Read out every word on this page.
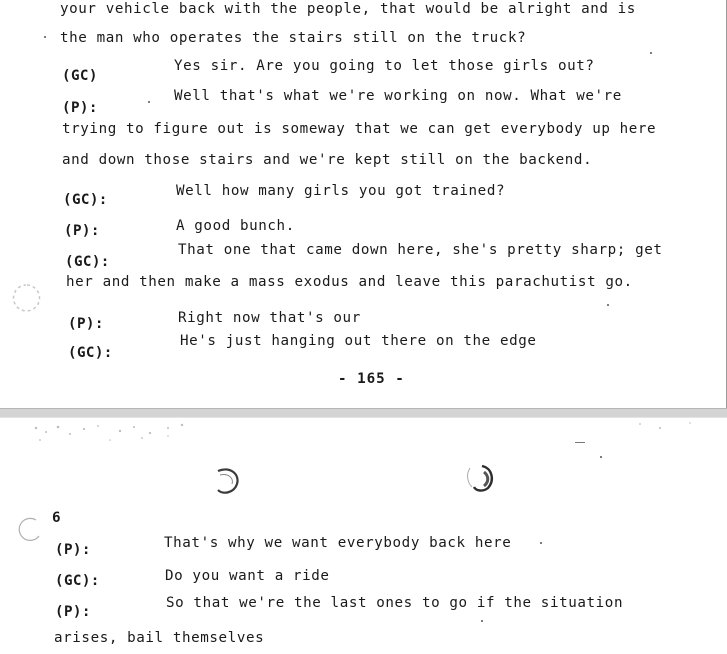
your vehicle back with the people, that would be alright and is
the man who operates the stairs still on the truck?
(GC)
Yes sir. Are you going to let those girls out?
(P):
Well that's what we're working on now. What we're
trying to figure out is someway that we can get everybody up here
and down those stairs and we're kept still on the backend.
(GC):
Well how many girls you got trained?
(P):	A good bunch.
(GC):
That one that came down here, she's pretty sharp; get
her and then make a mass exodus and leave this parachutist go.
(P):	Right now that's our
(GC):
He's just hanging out there on the edge
- 165 -
6
(P):	That's why we want everybody back here
(GC):	Do you want a ride
(P):
So that we're the last ones to go if the situation
arises, bail themselves
